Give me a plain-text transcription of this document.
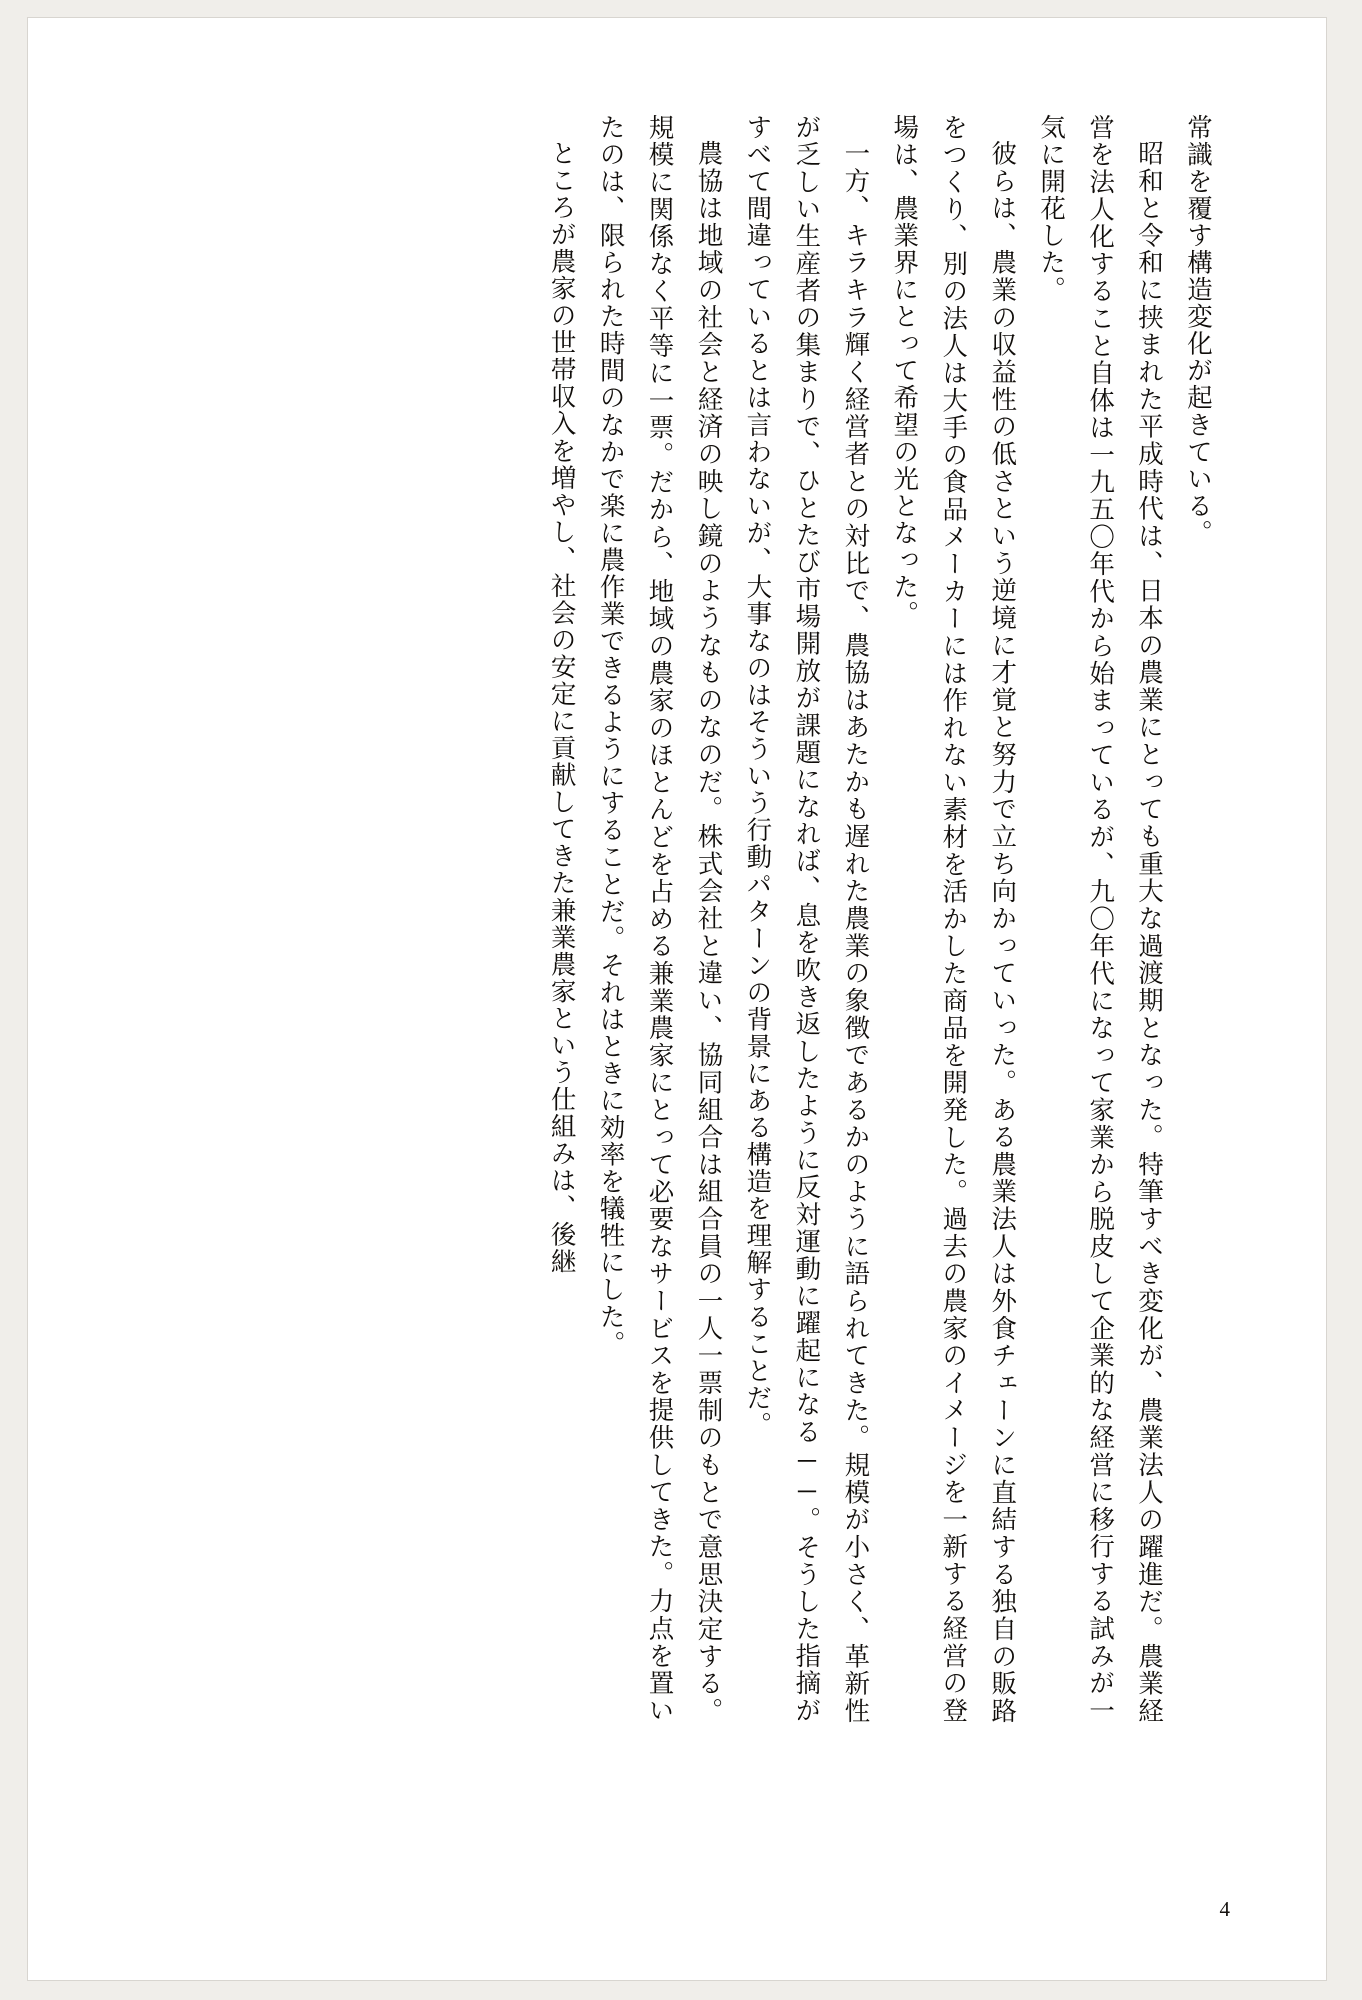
常識を覆す構造変化が起きている。

昭和と令和に挟まれた平成時代は、日本の農業にとっても重大な過渡期となった。特筆すべき変化が、農業法人の躍進だ。農業経営を法人化すること自体は一九五〇年代から始まっているが、九〇年代になって家業から脱皮して企業的な経営に移行する試みが一気に開花した。

彼らは、農業の収益性の低さという逆境に才覚と努力で立ち向かっていった。ある農業法人は外食チェーンに直結する独自の販路をつくり、別の法人は大手の食品メーカーには作れない素材を活かした商品を開発した。過去の農家のイメージを一新する経営の登場は、農業界にとって希望の光となった。

一方、キラキラ輝く経営者との対比で、農協はあたかも遅れた農業の象徴であるかのように語られてきた。規模が小さく、革新性が乏しい生産者の集まりで、ひとたび市場開放が課題になれば、息を吹き返したように反対運動に躍起になる──。そうした指摘がすべて間違っているとは言わないが、大事なのはそういう行動パターンの背景にある構造を理解することだ。

農協は地域の社会と経済の映し鏡のようなものなのだ。株式会社と違い、協同組合は組合員の一人一票制のもとで意思決定する。規模に関係なく平等に一票。だから、地域の農家のほとんどを占める兼業農家にとって必要なサービスを提供してきた。力点を置いたのは、限られた時間のなかで楽に農作業できるようにすることだ。それはときに効率を犠牲にした。

ところが農家の世帯収入を増やし、社会の安定に貢献してきた兼業農家という仕組みは、後継

4
